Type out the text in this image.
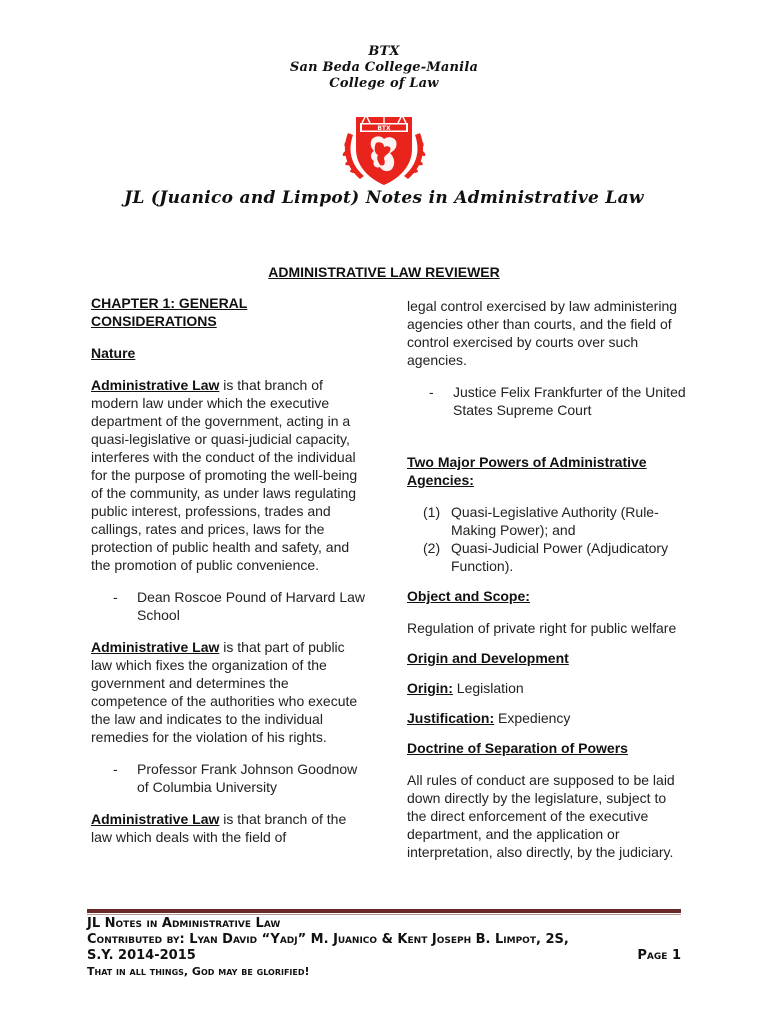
BTX
San Beda College-Manila
College of Law
BTX
JL (Juanico and Limpot) Notes in Administrative Law
ADMINISTRATIVE LAW REVIEWER

CHAPTER 1: GENERAL CONSIDERATIONS

Nature

Administrative Law is that branch of modern law under which the executive department of the government, acting in a quasi-legislative or quasi-judicial capacity, interferes with the conduct of the individual for the purpose of promoting the well-being of the community, as under laws regulating public interest, professions, trades and callings, rates and prices, laws for the protection of public health and safety, and the promotion of public convenience.

-	Dean Roscoe Pound of Harvard Law School

Administrative Law is that part of public law which fixes the organization of the government and determines the competence of the authorities who execute the law and indicates to the individual remedies for the violation of his rights.

-	Professor Frank Johnson Goodnow of Columbia University

Administrative Law is that branch of the law which deals with the field of

legal control exercised by law administering agencies other than courts, and the field of control exercised by courts over such agencies.

-	Justice Felix Frankfurter of the United States Supreme Court

Two Major Powers of Administrative Agencies:

(1) Quasi-Legislative Authority (Rule-Making Power); and
(2) Quasi-Judicial Power (Adjudicatory Function).

Object and Scope:

Regulation of private right for public welfare

Origin and Development

Origin: Legislation

Justification: Expediency

Doctrine of Separation of Powers

All rules of conduct are supposed to be laid down directly by the legislature, subject to the direct enforcement of the executive department, and the application or interpretation, also directly, by the judiciary.

JL Notes in Administrative Law
Contributed by: Lyan David “Yadj” M. Juanico & Kent Joseph B. Limpot, 2S,
S.Y. 2014-2015	Page 1
That in all things, God may be glorified!
